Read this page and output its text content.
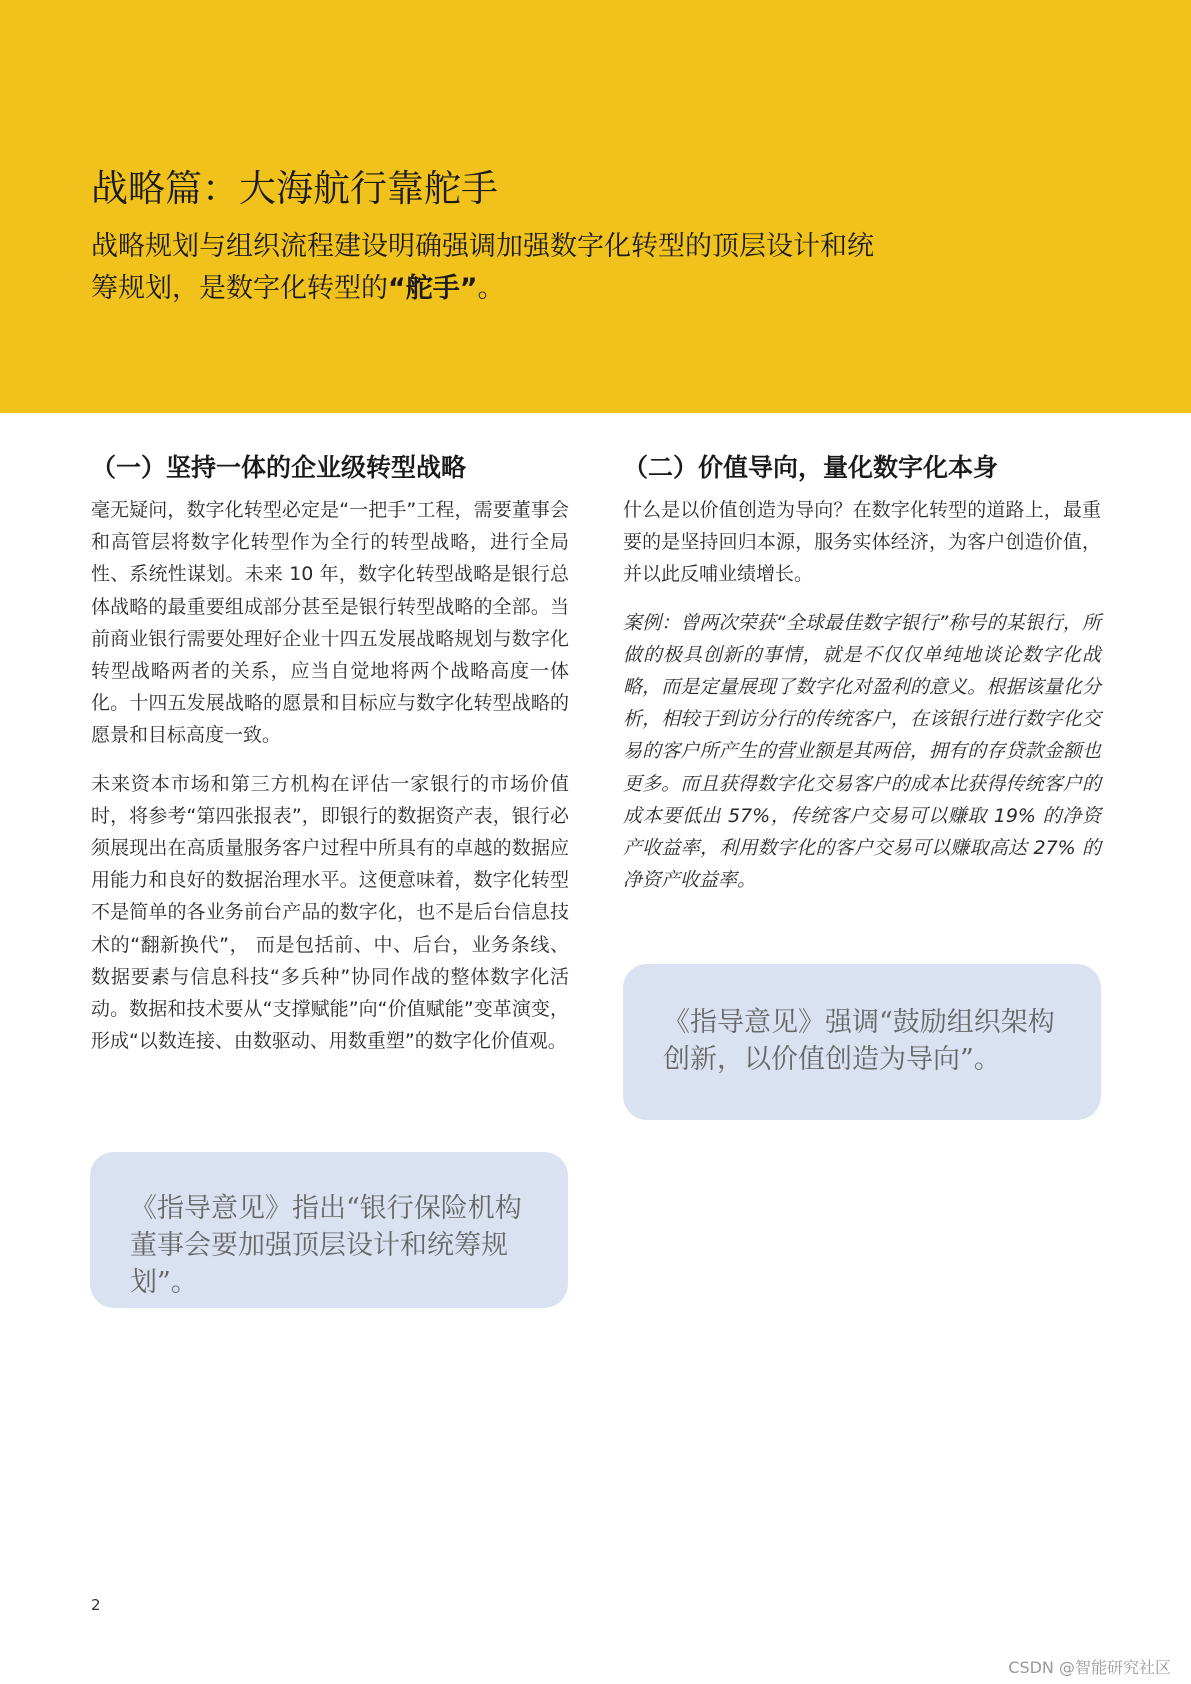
战略篇：大海航行靠舵手
战略规划与组织流程建设明确强调加强数字化转型的顶层设计和统筹规划，是数字化转型的“舵手”。
（一）坚持一体的企业级转型战略

毫无疑问，数字化转型必定是“一把手”工程，需要董事会和高管层将数字化转型作为全行的转型战略，进行全局性、系统性谋划。未来 10 年，数字化转型战略是银行总体战略的最重要组成部分甚至是银行转型战略的全部。当前商业银行需要处理好企业十四五发展战略规划与数字化转型战略两者的关系，应当自觉地将两个战略高度一体化。十四五发展战略的愿景和目标应与数字化转型战略的愿景和目标高度一致。

未来资本市场和第三方机构在评估一家银行的市场价值时，将参考“第四张报表”，即银行的数据资产表，银行必须展现出在高质量服务客户过程中所具有的卓越的数据应用能力和良好的数据治理水平。这便意味着，数字化转型不是简单的各业务前台产品的数字化，也不是后台信息技术的“翻新换代”， 而是包括前、中、后台，业务条线、数据要素与信息科技“多兵种”协同作战的整体数字化活动。数据和技术要从“支撑赋能”向“价值赋能”变革演变，形成“以数连接、由数驱动、用数重塑”的数字化价值观。

（二）价值导向，量化数字化本身

什么是以价值创造为导向？在数字化转型的道路上，最重要的是坚持回归本源，服务实体经济，为客户创造价值，并以此反哺业绩增长。

案例：曾两次荣获“全球最佳数字银行”称号的某银行，所做的极具创新的事情，就是不仅仅单纯地谈论数字化战略，而是定量展现了数字化对盈利的意义。根据该量化分析，相较于到访分行的传统客户，在该银行进行数字化交易的客户所产生的营业额是其两倍，拥有的存贷款金额也更多。而且获得数字化交易客户的成本比获得传统客户的成本要低出 57%，传统客户交易可以赚取 19% 的净资产收益率，利用数字化的客户交易可以赚取高达 27% 的净资产收益率。

《指导意见》指出“银行保险机构董事会要加强顶层设计和统筹规划”。
《指导意见》强调“鼓励组织架构创新，以价值创造为导向”。
2
CSDN @智能研究社区
